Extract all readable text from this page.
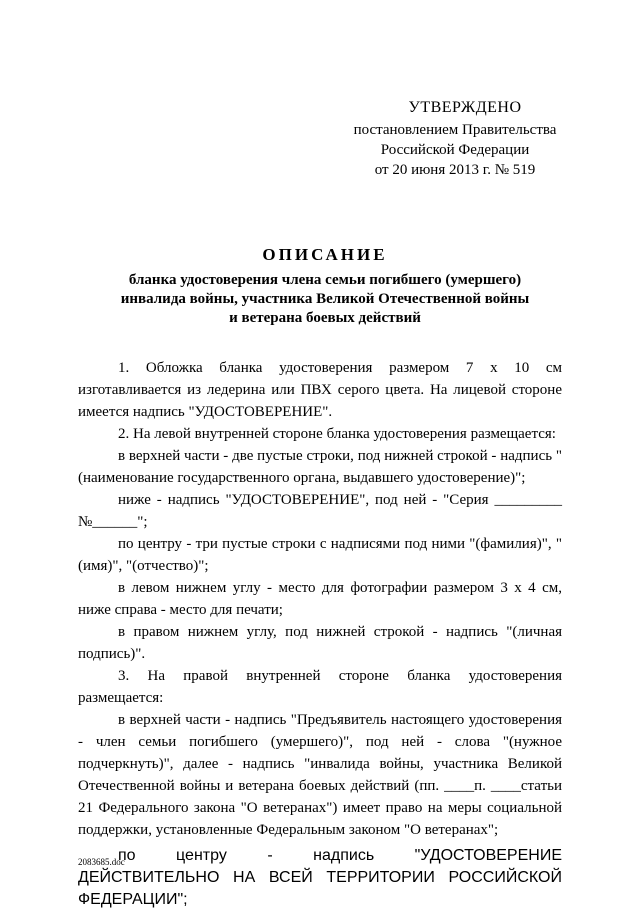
УТВЕРЖДЕНО
постановлением Правительства
Российской Федерации
от 20 июня 2013 г. № 519
ОПИСАНИЕ
бланка удостоверения члена семьи погибшего (умершего)
инвалида войны, участника Великой Отечественной войны
и ветерана боевых действий

1. Обложка бланка удостоверения размером 7 х 10 см изготавливается из ледерина или ПВХ серого цвета. На лицевой стороне имеется надпись "УДОСТОВЕРЕНИЕ".

2. На левой внутренней стороне бланка удостоверения размещается:

в верхней части - две пустые строки, под нижней строкой - надпись "(наименование государственного органа, выдавшего удостоверение)";

ниже - надпись "УДОСТОВЕРЕНИЕ", под ней - "Серия _________ №______";

по центру - три пустые строки с надписями под ними "(фамилия)", "(имя)", "(отчество)";

в левом нижнем углу - место для фотографии размером 3 х 4 см, ниже справа - место для печати;

в правом нижнем углу, под нижней строкой - надпись "(личная подпись)".

3. На правой внутренней стороне бланка удостоверения размещается:

в верхней части - надпись "Предъявитель настоящего удостоверения - член семьи погибшего (умершего)", под ней - слова "(нужное подчеркнуть)", далее - надпись "инвалида войны, участника Великой Отечественной войны и ветерана боевых действий (пп. ____п. ____статьи 21 Федерального закона "О ветеранах") имеет право на меры социальной поддержки, установленные Федеральным законом "О ветеранах";

по центру - надпись "УДОСТОВЕРЕНИЕ ДЕЙСТВИТЕЛЬНО НА ВСЕЙ ТЕРРИТОРИИ РОССИЙСКОЙ ФЕДЕРАЦИИ";

2083685.doc
